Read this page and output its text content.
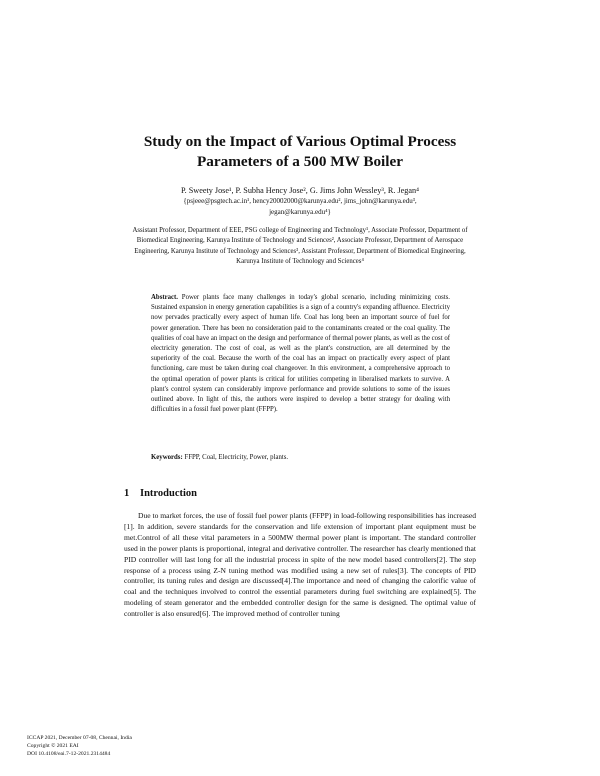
Study on the Impact of Various Optimal Process
Parameters of a 500 MW Boiler
P. Sweety Jose¹, P. Subha Hency Jose², G. Jims John Wessley³, R. Jegan⁴
{psjeee@psgtech.ac.in¹, hency20002000@karunya.edu², jims_john@karunya.edu³,
jegan@karunya.edu⁴}
Assistant Professor, Department of EEE, PSG college of Engineering and Technology¹, Associate Professor, Department of Biomedical Engineering, Karunya Institute of Technology and Sciences², Associate Professor, Department of Aerospace Engineering, Karunya Institute of Technology and Sciences³, Assistant Professor, Department of Biomedical Engineering, Karunya Institute of Technology and Sciences⁴
Abstract. Power plants face many challenges in today's global scenario, including minimizing costs. Sustained expansion in energy generation capabilities is a sign of a country's expanding affluence. Electricity now pervades practically every aspect of human life. Coal has long been an important source of fuel for power generation. There has been no consideration paid to the contaminants created or the coal quality. The qualities of coal have an impact on the design and performance of thermal power plants, as well as the cost of electricity generation. The cost of coal, as well as the plant's construction, are all determined by the superiority of the coal. Because the worth of the coal has an impact on practically every aspect of plant functioning, care must be taken during coal changeover. In this environment, a comprehensive approach to the optimal operation of power plants is critical for utilities competing in liberalised markets to survive. A plant's control system can considerably improve performance and provide solutions to some of the issues outlined above. In light of this, the authors were inspired to develop a better strategy for dealing with difficulties in a fossil fuel power plant (FFPP).
Keywords: FFPP, Coal, Electricity, Power, plants.
1 Introduction
Due to market forces, the use of fossil fuel power plants (FFPP) in load-following responsibilities has increased [1]. In addition, severe standards for the conservation and life extension of important plant equipment must be met.Control of all these vital parameters in a 500MW thermal power plant is important. The standard controller used in the power plants is proportional, integral and derivative controller. The researcher has clearly mentioned that PID controller will last long for all the industrial process in spite of the new model based controllers[2]. The step response of a process using Z-N tuning method was modified using a new set of rules[3]. The concepts of PID controller, its tuning rules and design are discussed[4].The importance and need of changing the calorific value of coal and the techniques involved to control the essential parameters during fuel switching are explained[5]. The modeling of steam generator and the embedded controller design for the same is designed. The optimal value of controller is also ensured[6]. The improved method of controller tuning
ICCAP 2021, December 07-08, Chennai, India
Copyright © 2021 EAI
DOI 10.4108/eai.7-12-2021.2314484
